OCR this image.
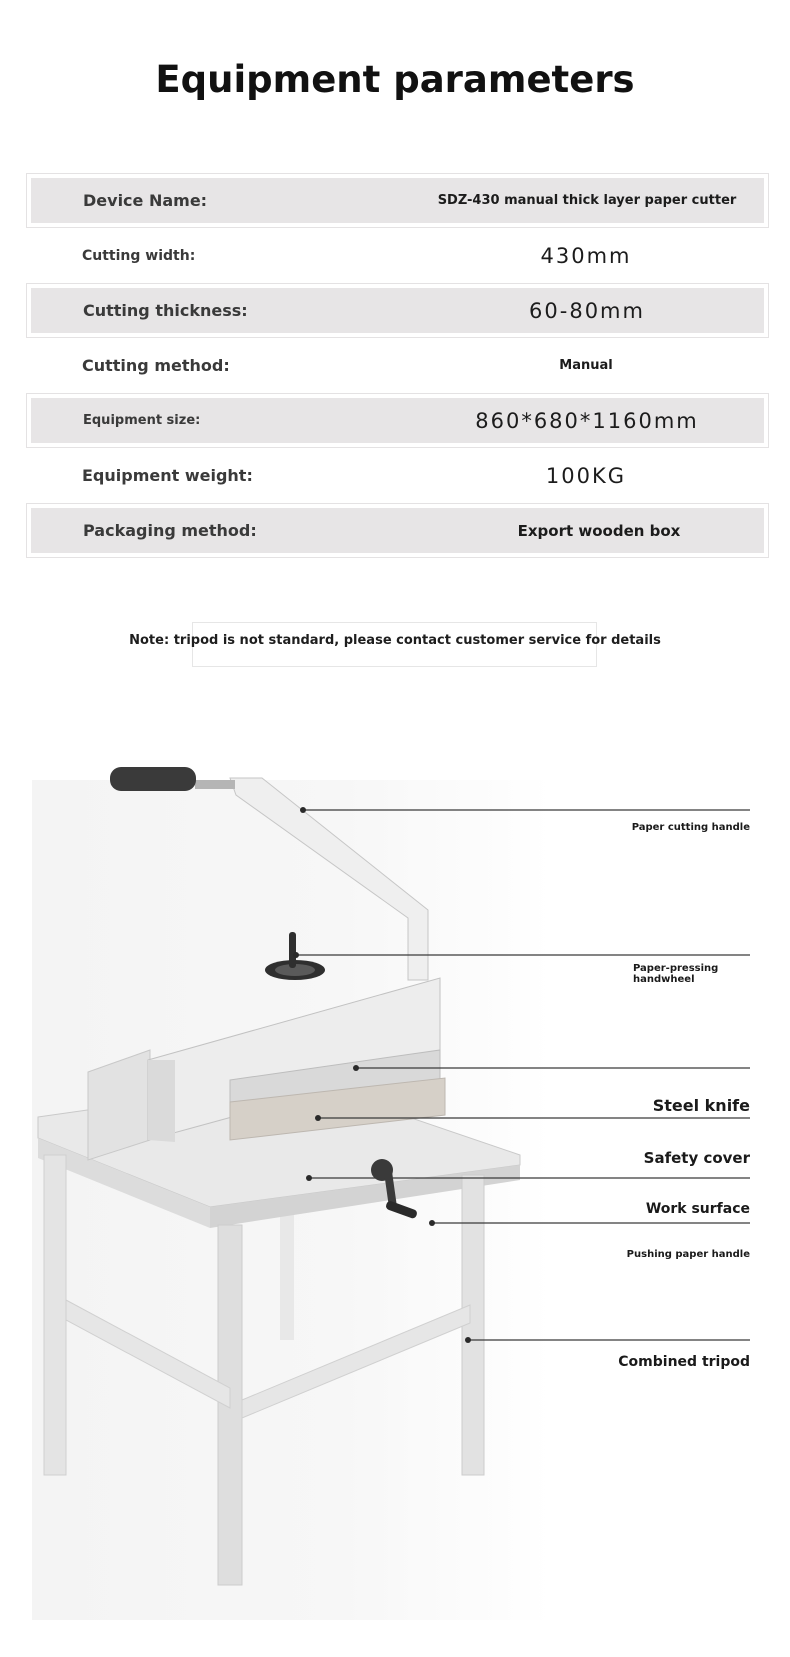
Equipment parameters
Device Name:	SDZ-430 manual thick layer paper cutter
Cutting width:	430mm
Cutting thickness:	60-80mm
Cutting method:	Manual
Equipment size:	860*680*1160mm
Equipment weight:	100KG
Packaging method:	Export wooden box
Note: tripod is not standard, please contact customer service for details
Paper cutting handle
Paper-pressing
handwheel
Steel knife
Safety cover
Work surface
Pushing paper handle
Combined tripod
